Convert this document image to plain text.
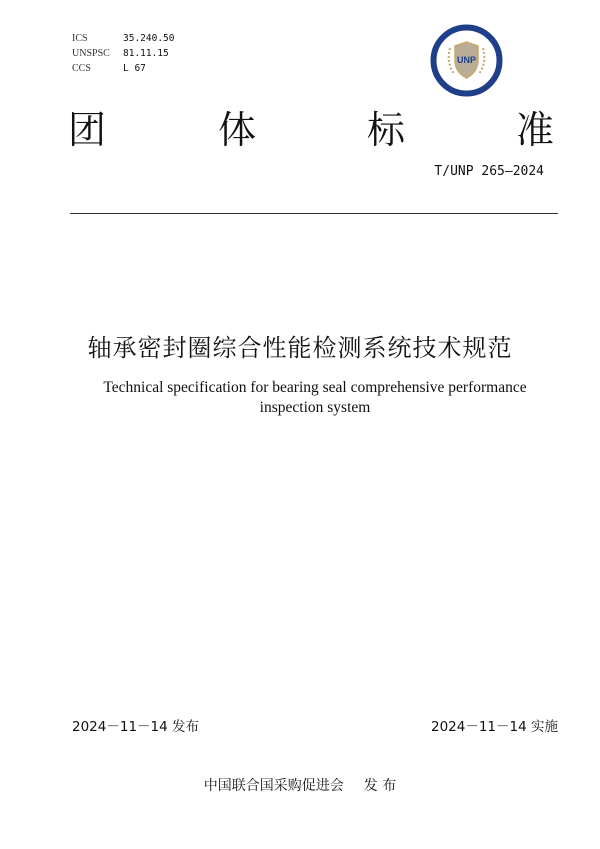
ICS	35.240.50
UNSPSC	81.11.15
CCS	L 67
UNP
团	体	标	准
T/UNP 265—2024
轴承密封圈综合性能检测系统技术规范
Technical specification for bearing seal comprehensive performance inspection system
2024－11－14 发布	2024－11－14 实施
中国联合国采购促进会 发 布
